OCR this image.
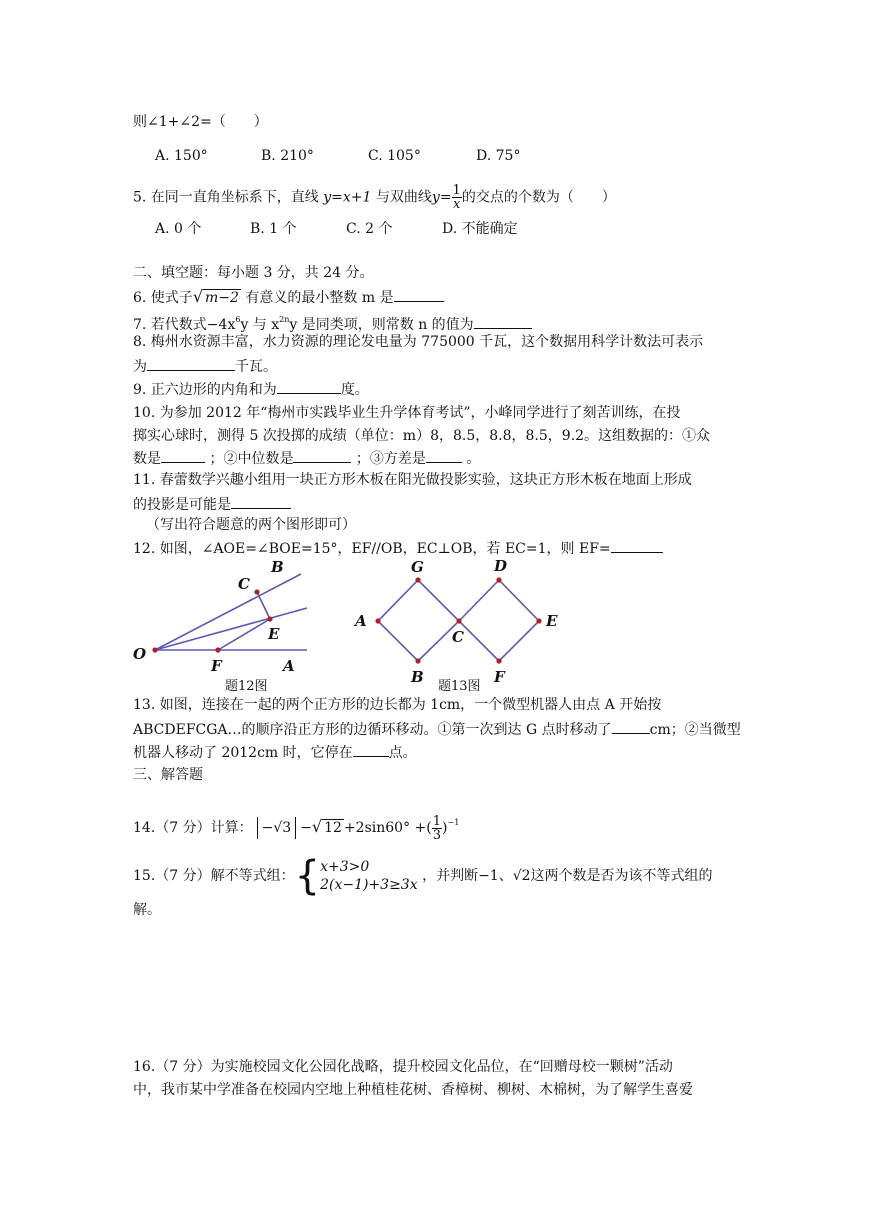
则∠1+∠2=（　　）
A. 150°	B. 210°	C. 105°	D. 75°
5. 在同一直角坐标系下，直线 y=x+1 与双曲线$y= \frac{1}{x}$ 的交点的个数为（　　）
A. 0 个	B. 1 个	C. 2 个	D. 不能确定
二、填空题：每小题 3 分，共 24 分。
6. 使式子√ m−2 有意义的最小整数 m 是
7. 若代数式$-4x^6y$ 与 $x^{2n}y$ 是同类项，则常数 n 的值为
8. 梅州水资源丰富，水力资源的理论发电量为 775000 千瓦，这个数据用科学计数法可表示
为	千瓦。
9. 正六边形的内角和为	度。
10. 为参加 2012 年“梅州市实践毕业生升学体育考试”，小峰同学进行了刻苦训练，在投
掷实心球时，测得 5 次投掷的成绩（单位：m）8，8.5，8.8，8.5，9.2。这组数据的：①众
数是	；②中位数是	；③方差是	。
11. 春蕾数学兴趣小组用一块正方形木板在阳光做投影实验，这块正方形木板在地面上形成
的投影是可能是
（写出符合题意的两个图形即可）
12. 如图，∠AOE=∠BOE=15°，EF//OB，EC⊥OB，若 EC=1，则 EF=
O
F	A
E
C
B
题12图
A
G
C
B
D
E
F
题13图
13. 如图，连接在一起的两个正方形的边长都为 1cm，一个微型机器人由点 A 开始按
ABCDEFCGA…的顺序沿正方形的边循环移动。①第一次到达 G 点时移动了	cm；②当微型
机器人移动了 2012cm 时，它停在	点。
三、解答题
14.（7 分）计算： −√3 −√ 12 +2sin60° +( $\frac{1}{3} )^{-1}$
15.（7 分）解不等式组：{x+3>0
2(x−1)+3≥3x ，并判断−1、√2这两个数是否为该不等式组的
解。
16.（7 分）为实施校园文化公园化战略，提升校园文化品位，在“回赠母校一颗树”活动
中，我市某中学准备在校园内空地上种植桂花树、香樟树、柳树、木棉树，为了解学生喜爱
